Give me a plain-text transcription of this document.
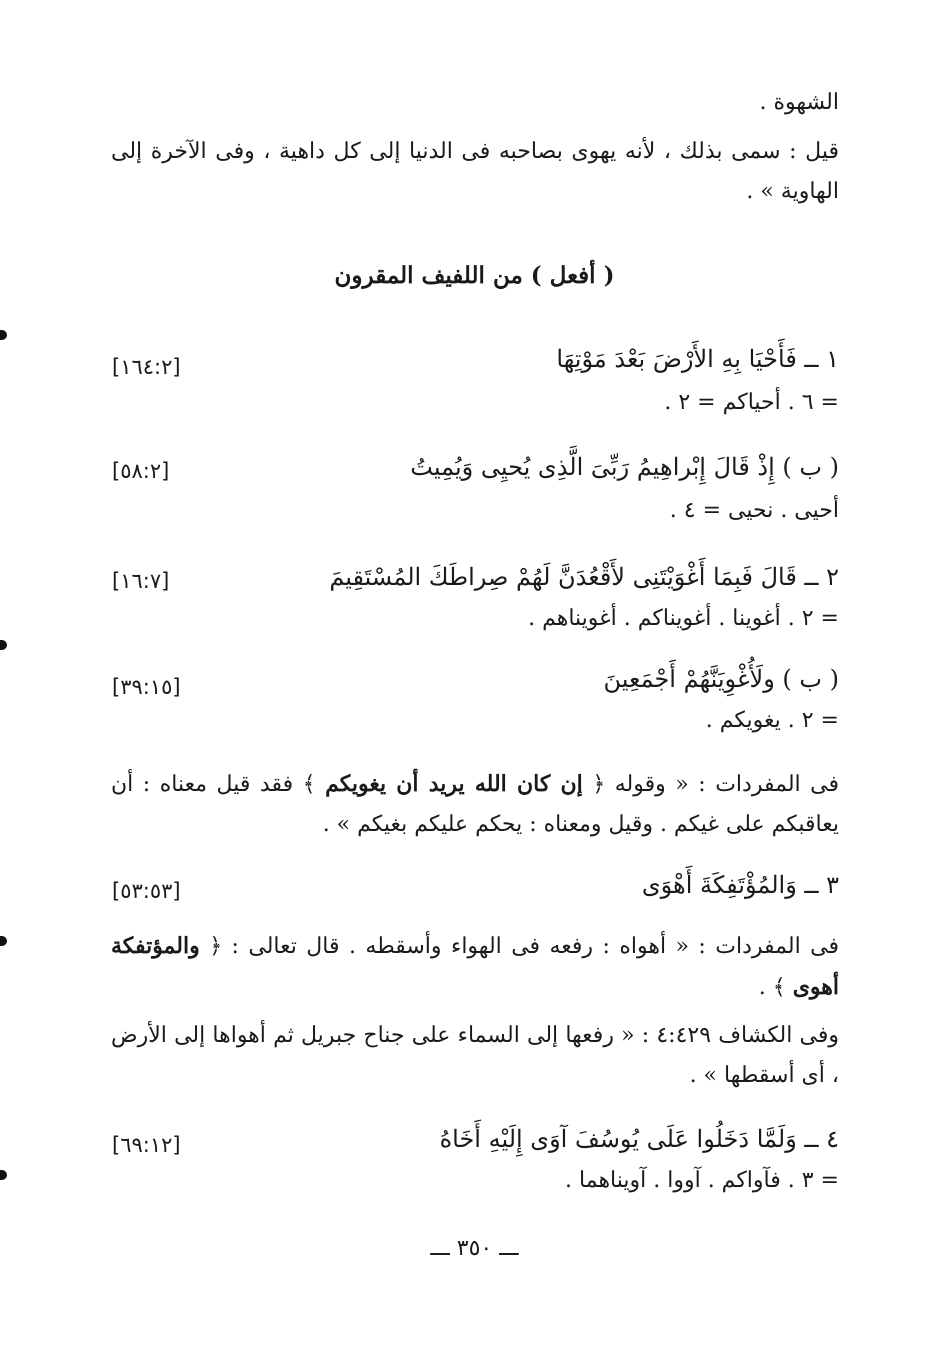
الشهوة .
قيل : سمى بذلك ، لأنه يهوى بصاحبه فى الدنيا إلى كل داهية ، وفى الآخرة إلى الهاوية » .
( أفعل ) من اللفيف المقرون
١ ــ فَأَحْيَا بِهِ الأَرْضَ بَعْدَ مَوْتِهَا
[١٦٤:٢]
= ٦ . أحياكم = ٢ .
( ب ) إِذْ قَالَ إِبْراهِيمُ رَبِّىَ الَّذِى يُحيِى وَيُمِيتُ
[٥٨:٢]
أحيى . نحيى = ٤ .
٢ ــ قَالَ فَبِمَا أَغْوَيْتَنِى لأَقْعُدَنَّ لَهُمْ صِراطَكَ المُسْتَقِيمَ
[١٦:٧]
= ٢ . أغوينا . أغويناكم . أغويناهم .
( ب ) ولَأُغْوِيَنَّهُمْ أَجْمَعِينَ
[٣٩:١٥]
= ٢ . يغويكم .
فى المفردات : « وقوله ﴿ إن كان الله يريد أن يغويكم ﴾ فقد قيل معناه : أن يعاقبكم على غيكم . وقيل ومعناه : يحكم عليكم بغيكم » .
٣ ــ وَالمُؤْتَفِكَةَ أَهْوَى
[٥٣:٥٣]
فى المفردات : « أهواه : رفعه فى الهواء وأسقطه . قال تعالى : ﴿ والمؤتفكة أهوى ﴾ .
وفى الكشاف ٤:٤٢٩ : « رفعها إلى السماء على جناح جبريل ثم أهواها إلى الأرض ، أى أسقطها » .
٤ ــ وَلَمَّا دَخَلُوا عَلَى يُوسُفَ آوَى إِلَيْهِ أَخَاهُ
[٦٩:١٢]
= ٣ . فآواكم . آووا . آويناهما .
ـــ ٣٥٠ ـــ
